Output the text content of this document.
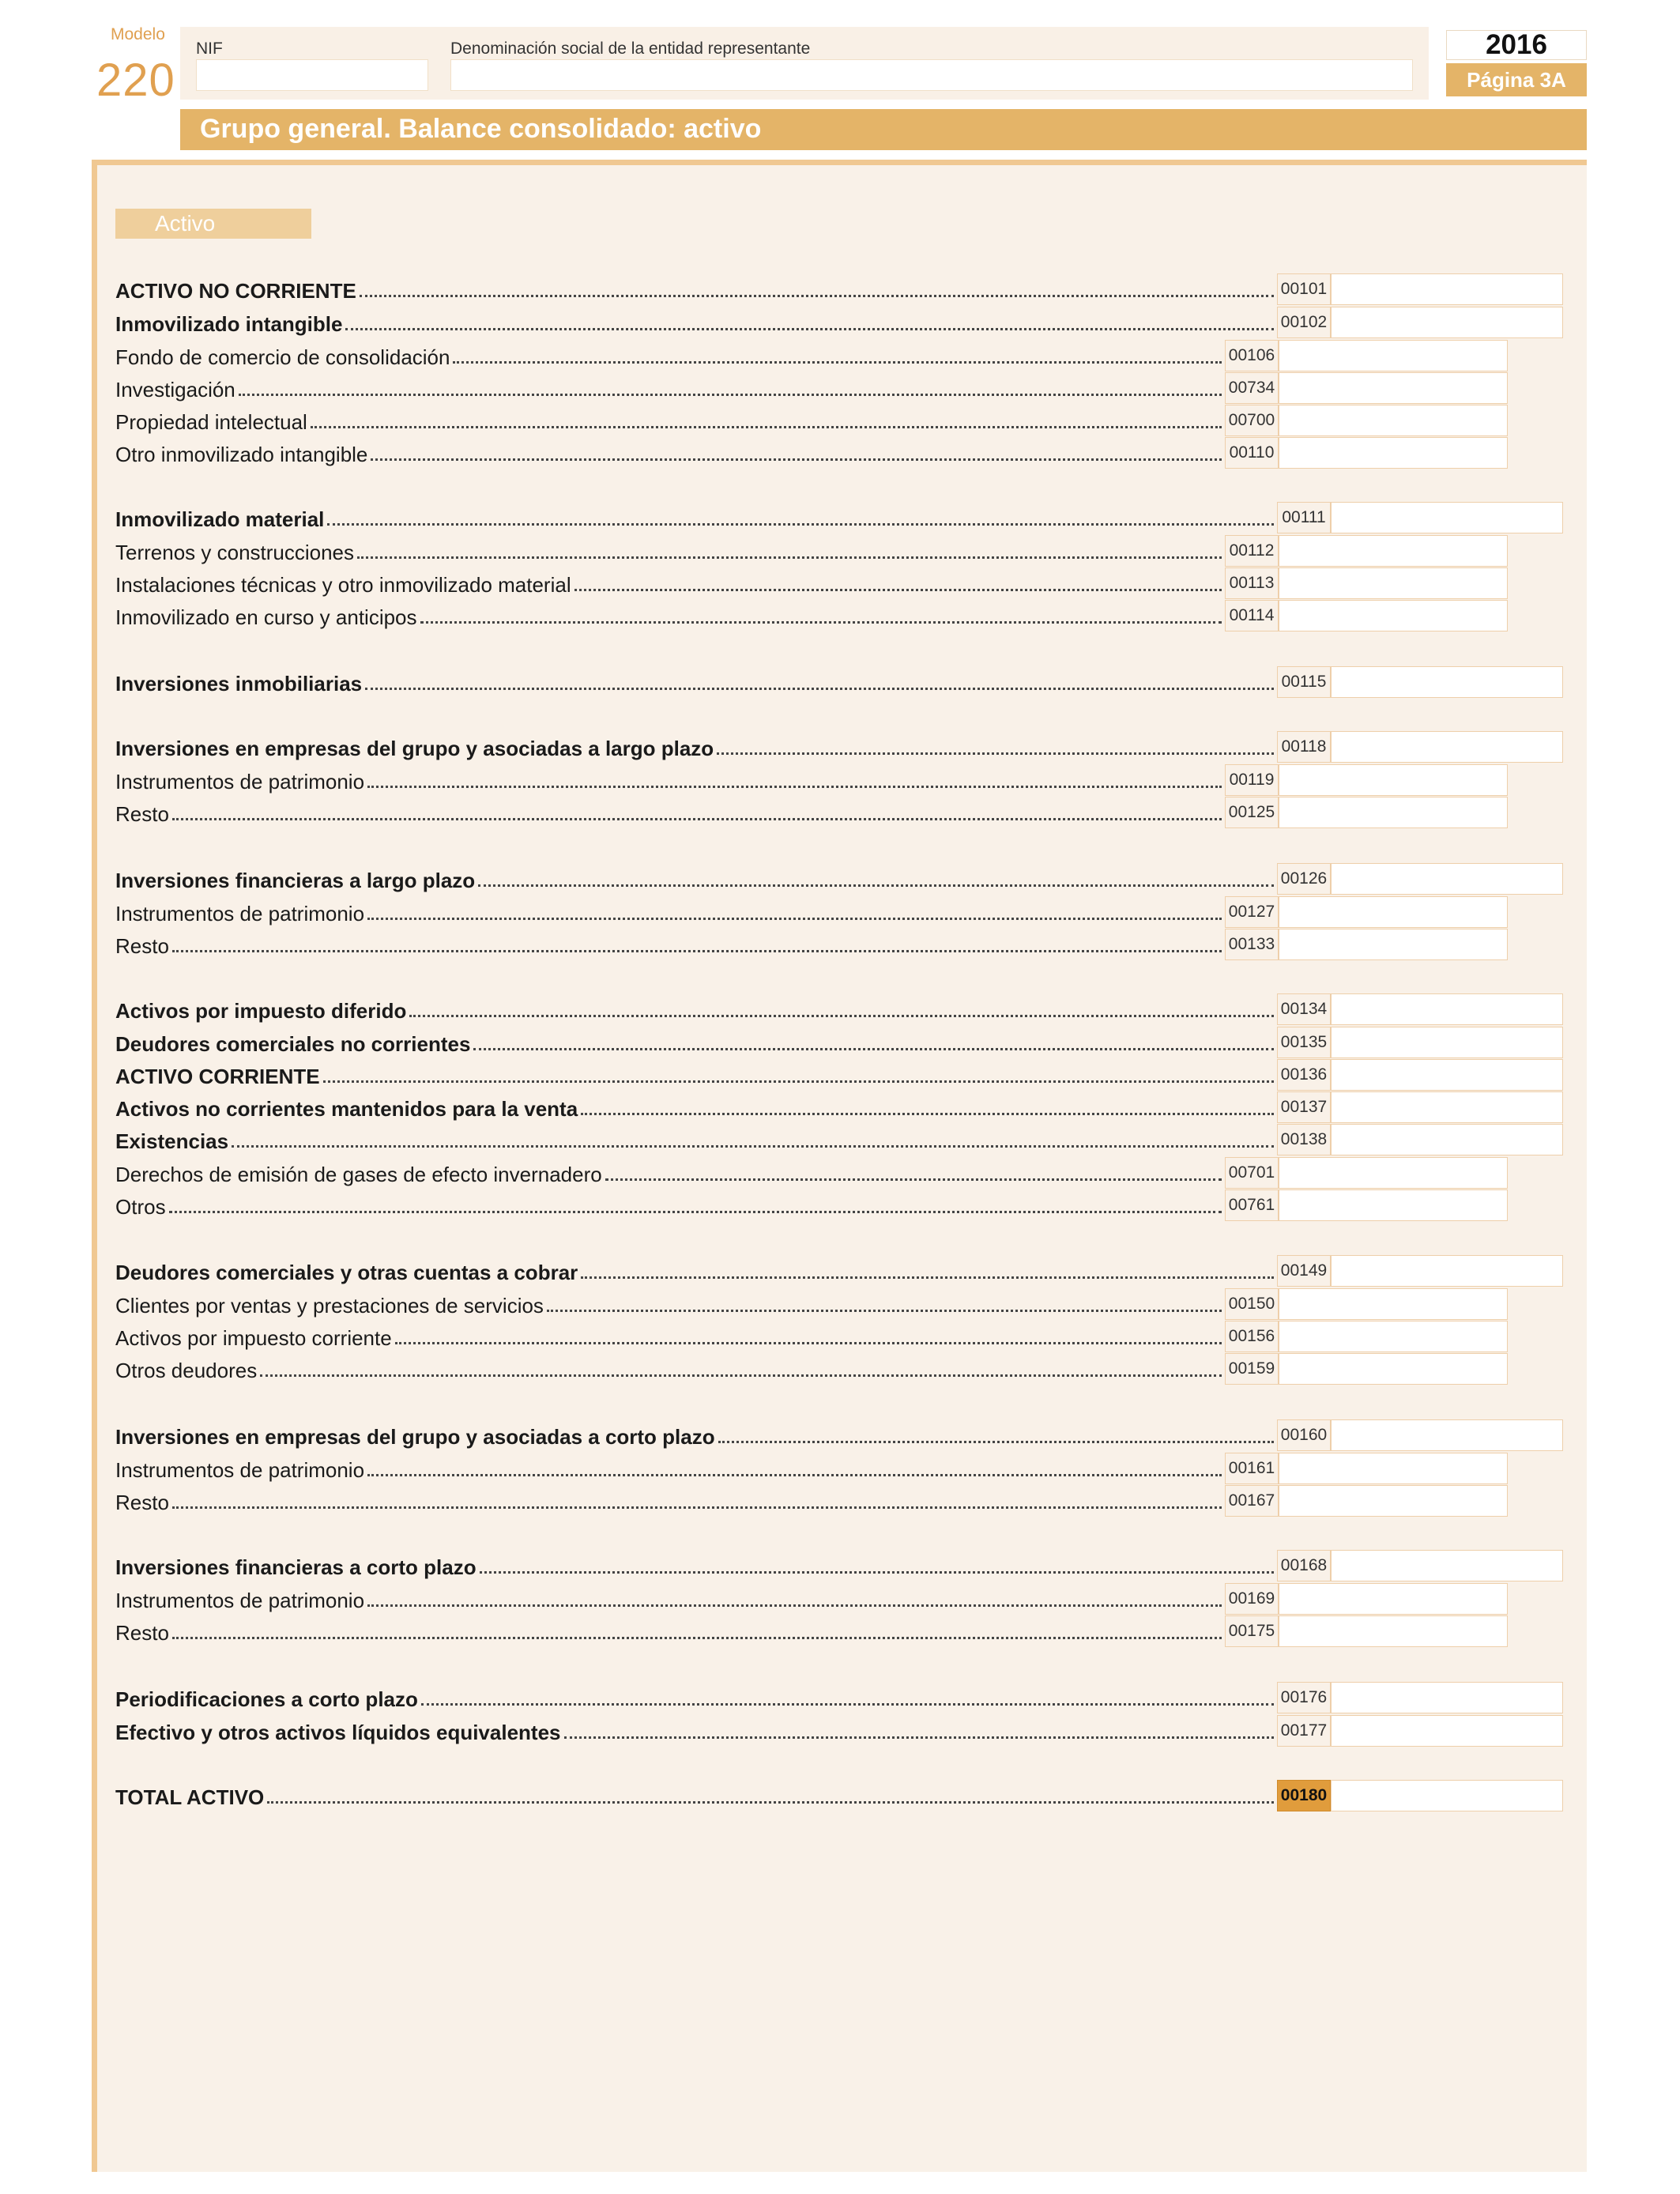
Modelo
220
NIF	Denominación social de la entidad representante	2016
Página 3A
Grupo general. Balance consolidado: activo
Activo
ACTIVO NO CORRIENTE	00101
Inmovilizado intangible	00102
Fondo de comercio de consolidación	00106
Investigación	00734
Propiedad intelectual	00700
Otro inmovilizado intangible	00110
Inmovilizado material	00111
Terrenos y construcciones	00112
Instalaciones técnicas y otro inmovilizado material	00113
Inmovilizado en curso y anticipos	00114
Inversiones inmobiliarias	00115
Inversiones en empresas del grupo y asociadas a largo plazo	00118
Instrumentos de patrimonio	00119
Resto	00125
Inversiones financieras a largo plazo	00126
Instrumentos de patrimonio	00127
Resto	00133
Activos por impuesto diferido	00134
Deudores comerciales no corrientes	00135
ACTIVO CORRIENTE	00136
Activos no corrientes mantenidos para la venta	00137
Existencias	00138
Derechos de emisión de gases de efecto invernadero	00701
Otros	00761
Deudores comerciales y otras cuentas a cobrar	00149
Clientes por ventas y prestaciones de servicios	00150
Activos por impuesto corriente	00156
Otros deudores	00159
Inversiones en empresas del grupo y asociadas a corto plazo	00160
Instrumentos de patrimonio	00161
Resto	00167
Inversiones financieras a corto plazo	00168
Instrumentos de patrimonio	00169
Resto	00175
Periodificaciones a corto plazo	00176
Efectivo y otros activos líquidos equivalentes	00177
TOTAL ACTIVO	00180
